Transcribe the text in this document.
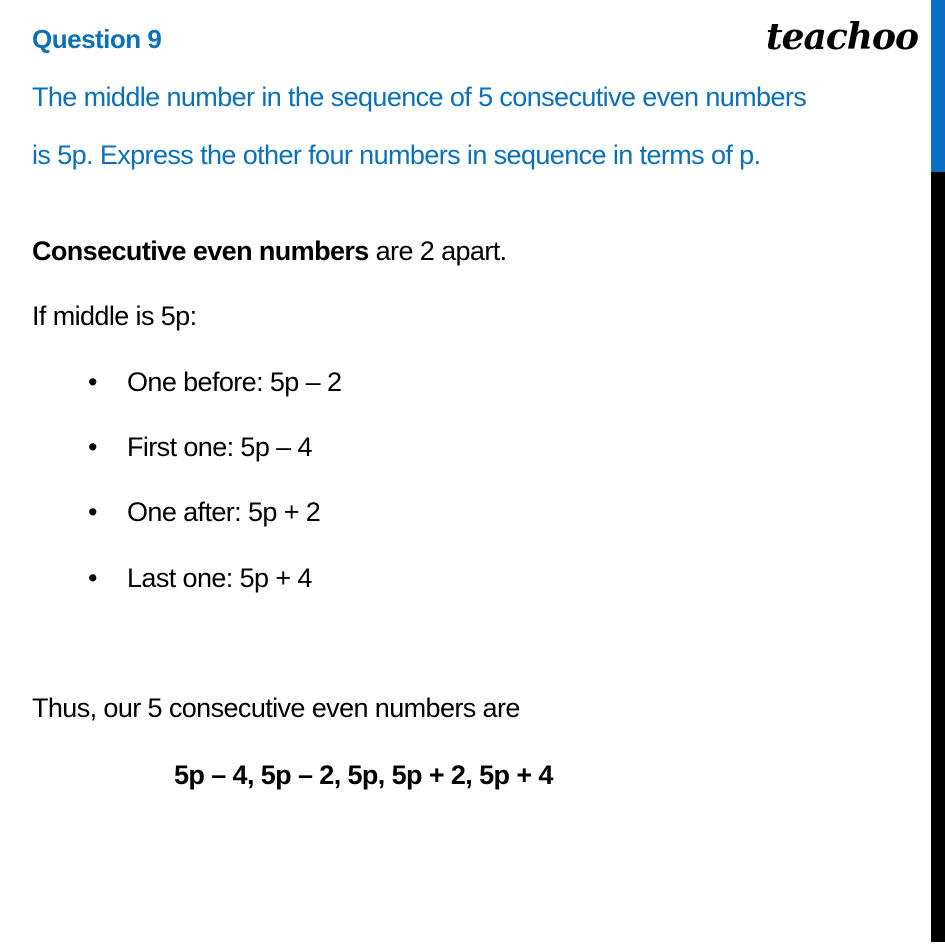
Question 9	teachoo
The middle number in the sequence of 5 consecutive even numbers
is 5p. Express the other four numbers in sequence in terms of p.
Consecutive even numbers are 2 apart.
If middle is 5p:
• One before: 5p – 2
• First one: 5p – 4
• One after: 5p + 2
• Last one: 5p + 4
Thus, our 5 consecutive even numbers are
5p – 4, 5p – 2, 5p, 5p + 2, 5p + 4
